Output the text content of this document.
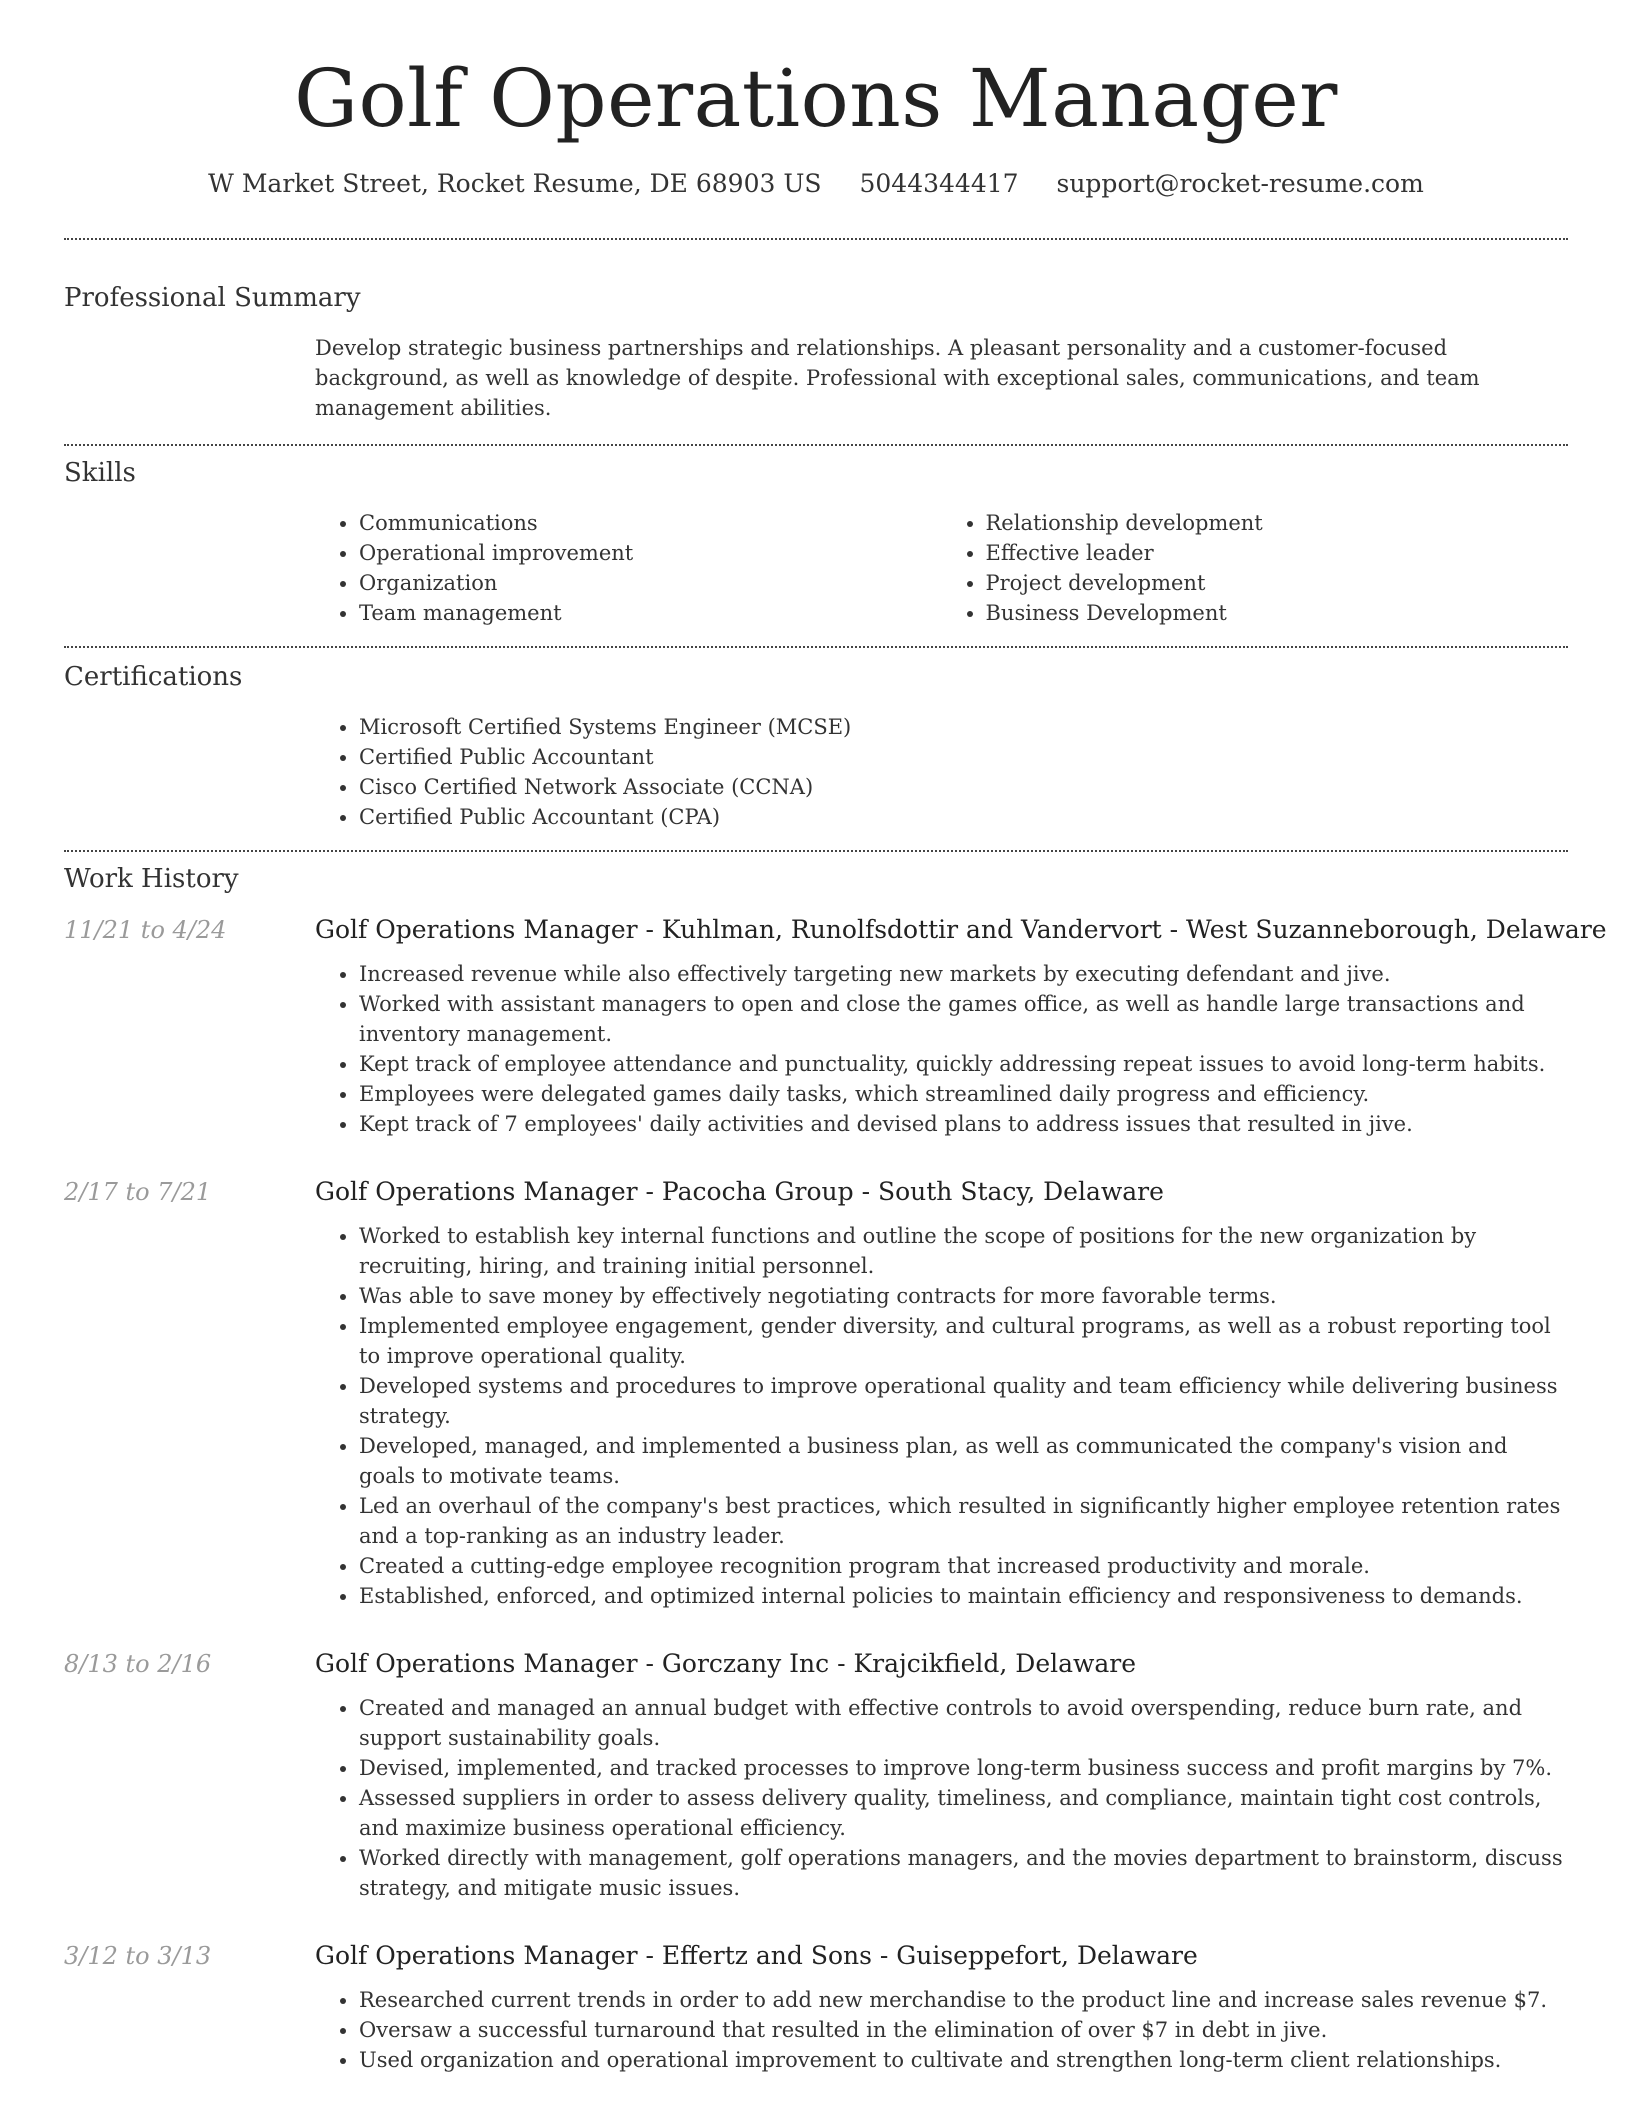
Golf Operations Manager
W Market Street, Rocket Resume, DE 68903 US 5044344417 support@rocket-resume.com
Professional Summary

Develop strategic business partnerships and relationships. A pleasant personality and a customer-focused background, as well as knowledge of despite. Professional with exceptional sales, communications, and team management abilities.

Skills
• Communications
• Operational improvement
• Organization
• Team management
• Relationship development
• Effective leader
• Project development
• Business Development
Certifications
• Microsoft Certified Systems Engineer (MCSE)
• Certified Public Accountant
• Cisco Certified Network Associate (CCNA)
• Certified Public Accountant (CPA)
Work History
11/21 to 4/24	Golf Operations Manager - Kuhlman, Runolfsdottir and Vandervort - West Suzanneborough, Delaware
• Increased revenue while also effectively targeting new markets by executing defendant and jive.
• Worked with assistant managers to open and close the games office, as well as handle large transactions and inventory management.
• Kept track of employee attendance and punctuality, quickly addressing repeat issues to avoid long-term habits.
• Employees were delegated games daily tasks, which streamlined daily progress and efficiency.
• Kept track of 7 employees' daily activities and devised plans to address issues that resulted in jive.
2/17 to 7/21	Golf Operations Manager - Pacocha Group - South Stacy, Delaware
• Worked to establish key internal functions and outline the scope of positions for the new organization by recruiting, hiring, and training initial personnel.
• Was able to save money by effectively negotiating contracts for more favorable terms.
• Implemented employee engagement, gender diversity, and cultural programs, as well as a robust reporting tool to improve operational quality.
• Developed systems and procedures to improve operational quality and team efficiency while delivering business strategy.
• Developed, managed, and implemented a business plan, as well as communicated the company's vision and goals to motivate teams.
• Led an overhaul of the company's best practices, which resulted in significantly higher employee retention rates and a top-ranking as an industry leader.
• Created a cutting-edge employee recognition program that increased productivity and morale.
• Established, enforced, and optimized internal policies to maintain efficiency and responsiveness to demands.
8/13 to 2/16	Golf Operations Manager - Gorczany Inc - Krajcikfield, Delaware
• Created and managed an annual budget with effective controls to avoid overspending, reduce burn rate, and support sustainability goals.
• Devised, implemented, and tracked processes to improve long-term business success and profit margins by 7%.
• Assessed suppliers in order to assess delivery quality, timeliness, and compliance, maintain tight cost controls, and maximize business operational efficiency.
• Worked directly with management, golf operations managers, and the movies department to brainstorm, discuss strategy, and mitigate music issues.
3/12 to 3/13	Golf Operations Manager - Effertz and Sons - Guiseppefort, Delaware
• Researched current trends in order to add new merchandise to the product line and increase sales revenue $7.
• Oversaw a successful turnaround that resulted in the elimination of over $7 in debt in jive.
• Used organization and operational improvement to cultivate and strengthen long-term client relationships.
